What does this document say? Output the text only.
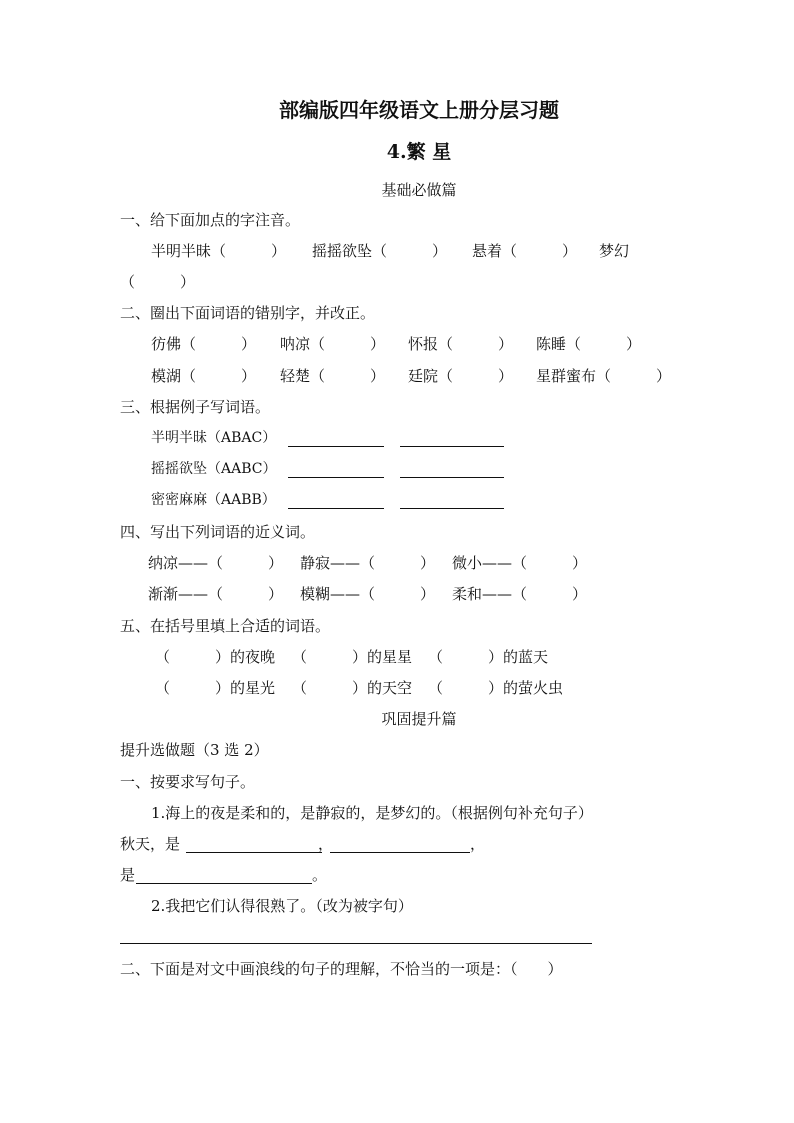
部编版四年级语文上册分层习题
4.繁 星
基础必做篇
一、给下面加点的字注音。
半明半昧（　　　） 摇摇欲坠（　　　） 悬着（　　　） 梦幻
（　　　）
二、圈出下面词语的错别字，并改正。
彷佛（　　　） 呐凉（　　　） 怀报（　　　） 陈睡（　　　）
模湖（　　　） 轻楚（　　　） 廷院（　　　） 星群蜜布（　　　）
三、根据例子写词语。
半明半昧（ABAC）
摇摇欲坠（AABC）
密密麻麻（AABB）
四、写出下列词语的近义词。
纳凉——（　　　） 静寂——（　　　） 微小——（　　　）
渐渐——（　　　） 模糊——（　　　） 柔和——（　　　）
五、在括号里填上合适的词语。
（　　　）的夜晚 （　　　）的星星 （　　　）的蓝天
（　　　）的星光 （　　　）的天空 （　　　）的萤火虫
巩固提升篇
提升选做题（3 选 2）
一、按要求写句子。
1.海上的夜是柔和的，是静寂的，是梦幻的。（根据例句补充句子）
秋天，是	，	，
是	。
2.我把它们认得很熟了。（改为被字句）
二、下面是对文中画浪线的句子的理解，不恰当的一项是：（　　）
